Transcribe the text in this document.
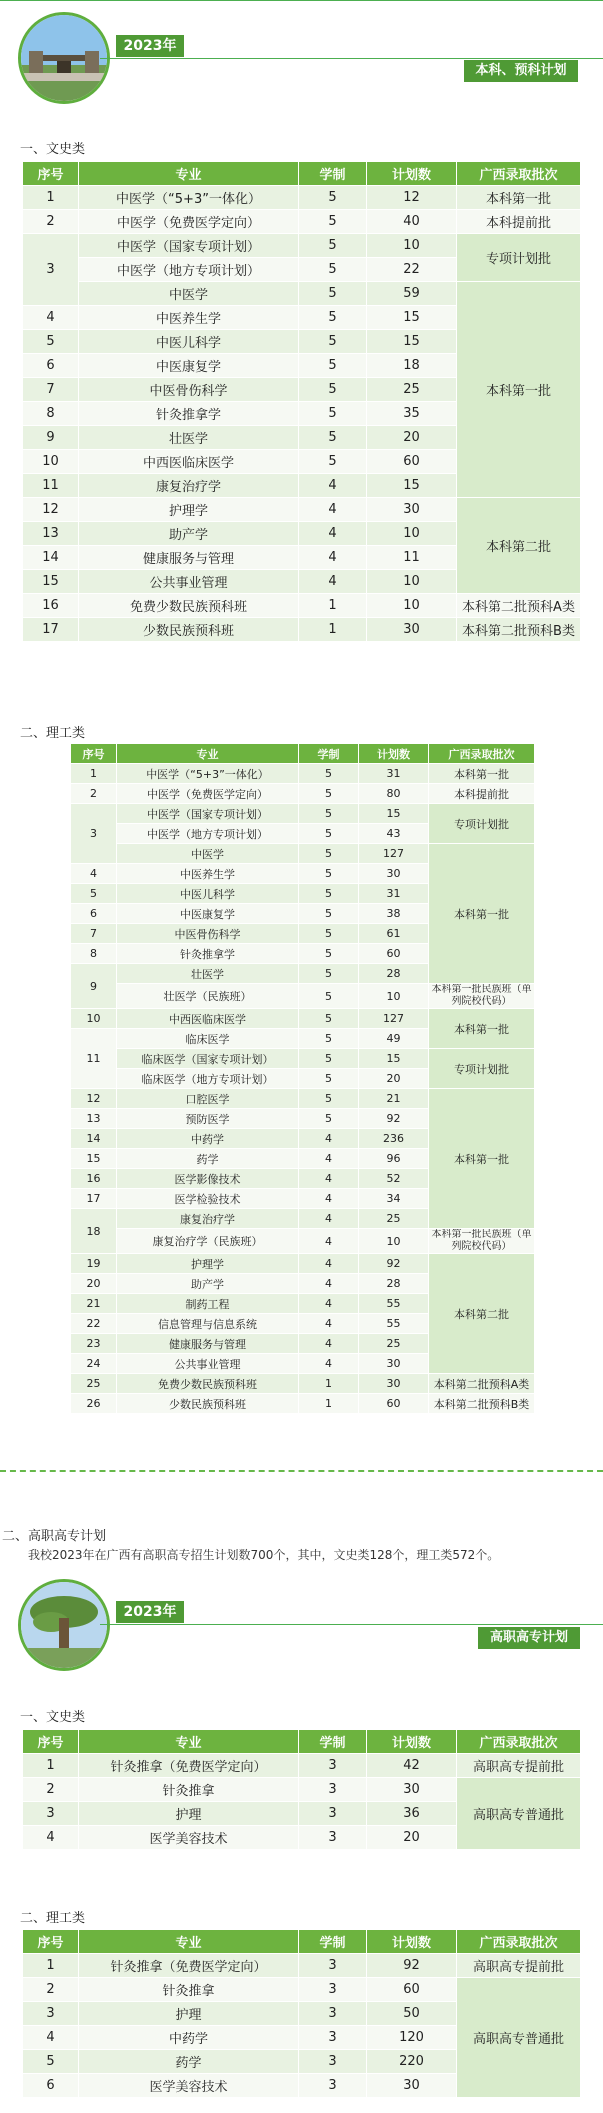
2023年
本科、预科计划
一、文史类
序号	专业	学制	计划数	广西录取批次
1	中医学（“5+3”一体化）	5	12	本科第一批
2	中医学（免费医学定向）	5	40	本科提前批
3	中医学（国家专项计划）	5	10	专项计划批
	中医学（地方专项计划）	5	22	
	中医学	5	59	本科第一批
4	中医养生学	5	15	
5	中医儿科学	5	15	
6	中医康复学	5	18	
7	中医骨伤科学	5	25	
8	针灸推拿学	5	35	
9	壮医学	5	20	
10	中西医临床医学	5	60	
11	康复治疗学	4	15	
12	护理学	4	30	本科第二批
13	助产学	4	10	
14	健康服务与管理	4	11	
15	公共事业管理	4	10	
16	免费少数民族预科班	1	10	本科第二批预科A类
17	少数民族预科班	1	30	本科第二批预科B类
二、理工类
序号	专业	学制	计划数	广西录取批次
1	中医学（“5+3”一体化）	5	31	本科第一批
2	中医学（免费医学定向）	5	80	本科提前批
3	中医学（国家专项计划）	5	15	专项计划批
	中医学（地方专项计划）	5	43	
	中医学	5	127	本科第一批
4	中医养生学	5	30	
5	中医儿科学	5	31	
6	中医康复学	5	38	
7	中医骨伤科学	5	61	
8	针灸推拿学	5	60	
9	壮医学	5	28	
	壮医学（民族班）	5	10	本科第一批民族班（单列院校代码）
10	中西医临床医学	5	127	本科第一批
11	临床医学	5	49	
	临床医学（国家专项计划）	5	15	专项计划批
	临床医学（地方专项计划）	5	20	
12	口腔医学	5	21	本科第一批
13	预防医学	5	92	
14	中药学	4	236	
15	药学	4	96	
16	医学影像技术	4	52	
17	医学检验技术	4	34	
18	康复治疗学	4	25	
	康复治疗学（民族班）	4	10	本科第一批民族班（单列院校代码）
19	护理学	4	92	本科第二批
20	助产学	4	28	
21	制药工程	4	55	
22	信息管理与信息系统	4	55	
23	健康服务与管理	4	25	
24	公共事业管理	4	30	
25	免费少数民族预科班	1	30	本科第二批预科A类
26	少数民族预科班	1	60	本科第二批预科B类
二、高职高专计划
我校2023年在广西有高职高专招生计划数700个，其中，文史类128个，理工类572个。
2023年
高职高专计划
一、文史类
序号	专业	学制	计划数	广西录取批次
1	针灸推拿（免费医学定向）	3	42	高职高专提前批
2	针灸推拿	3	30	高职高专普通批
3	护理	3	36	
4	医学美容技术	3	20	
二、理工类
序号	专业	学制	计划数	广西录取批次
1	针灸推拿（免费医学定向）	3	92	高职高专提前批
2	针灸推拿	3	60	高职高专普通批
3	护理	3	50	
4	中药学	3	120	
5	药学	3	220	
6	医学美容技术	3	30	
